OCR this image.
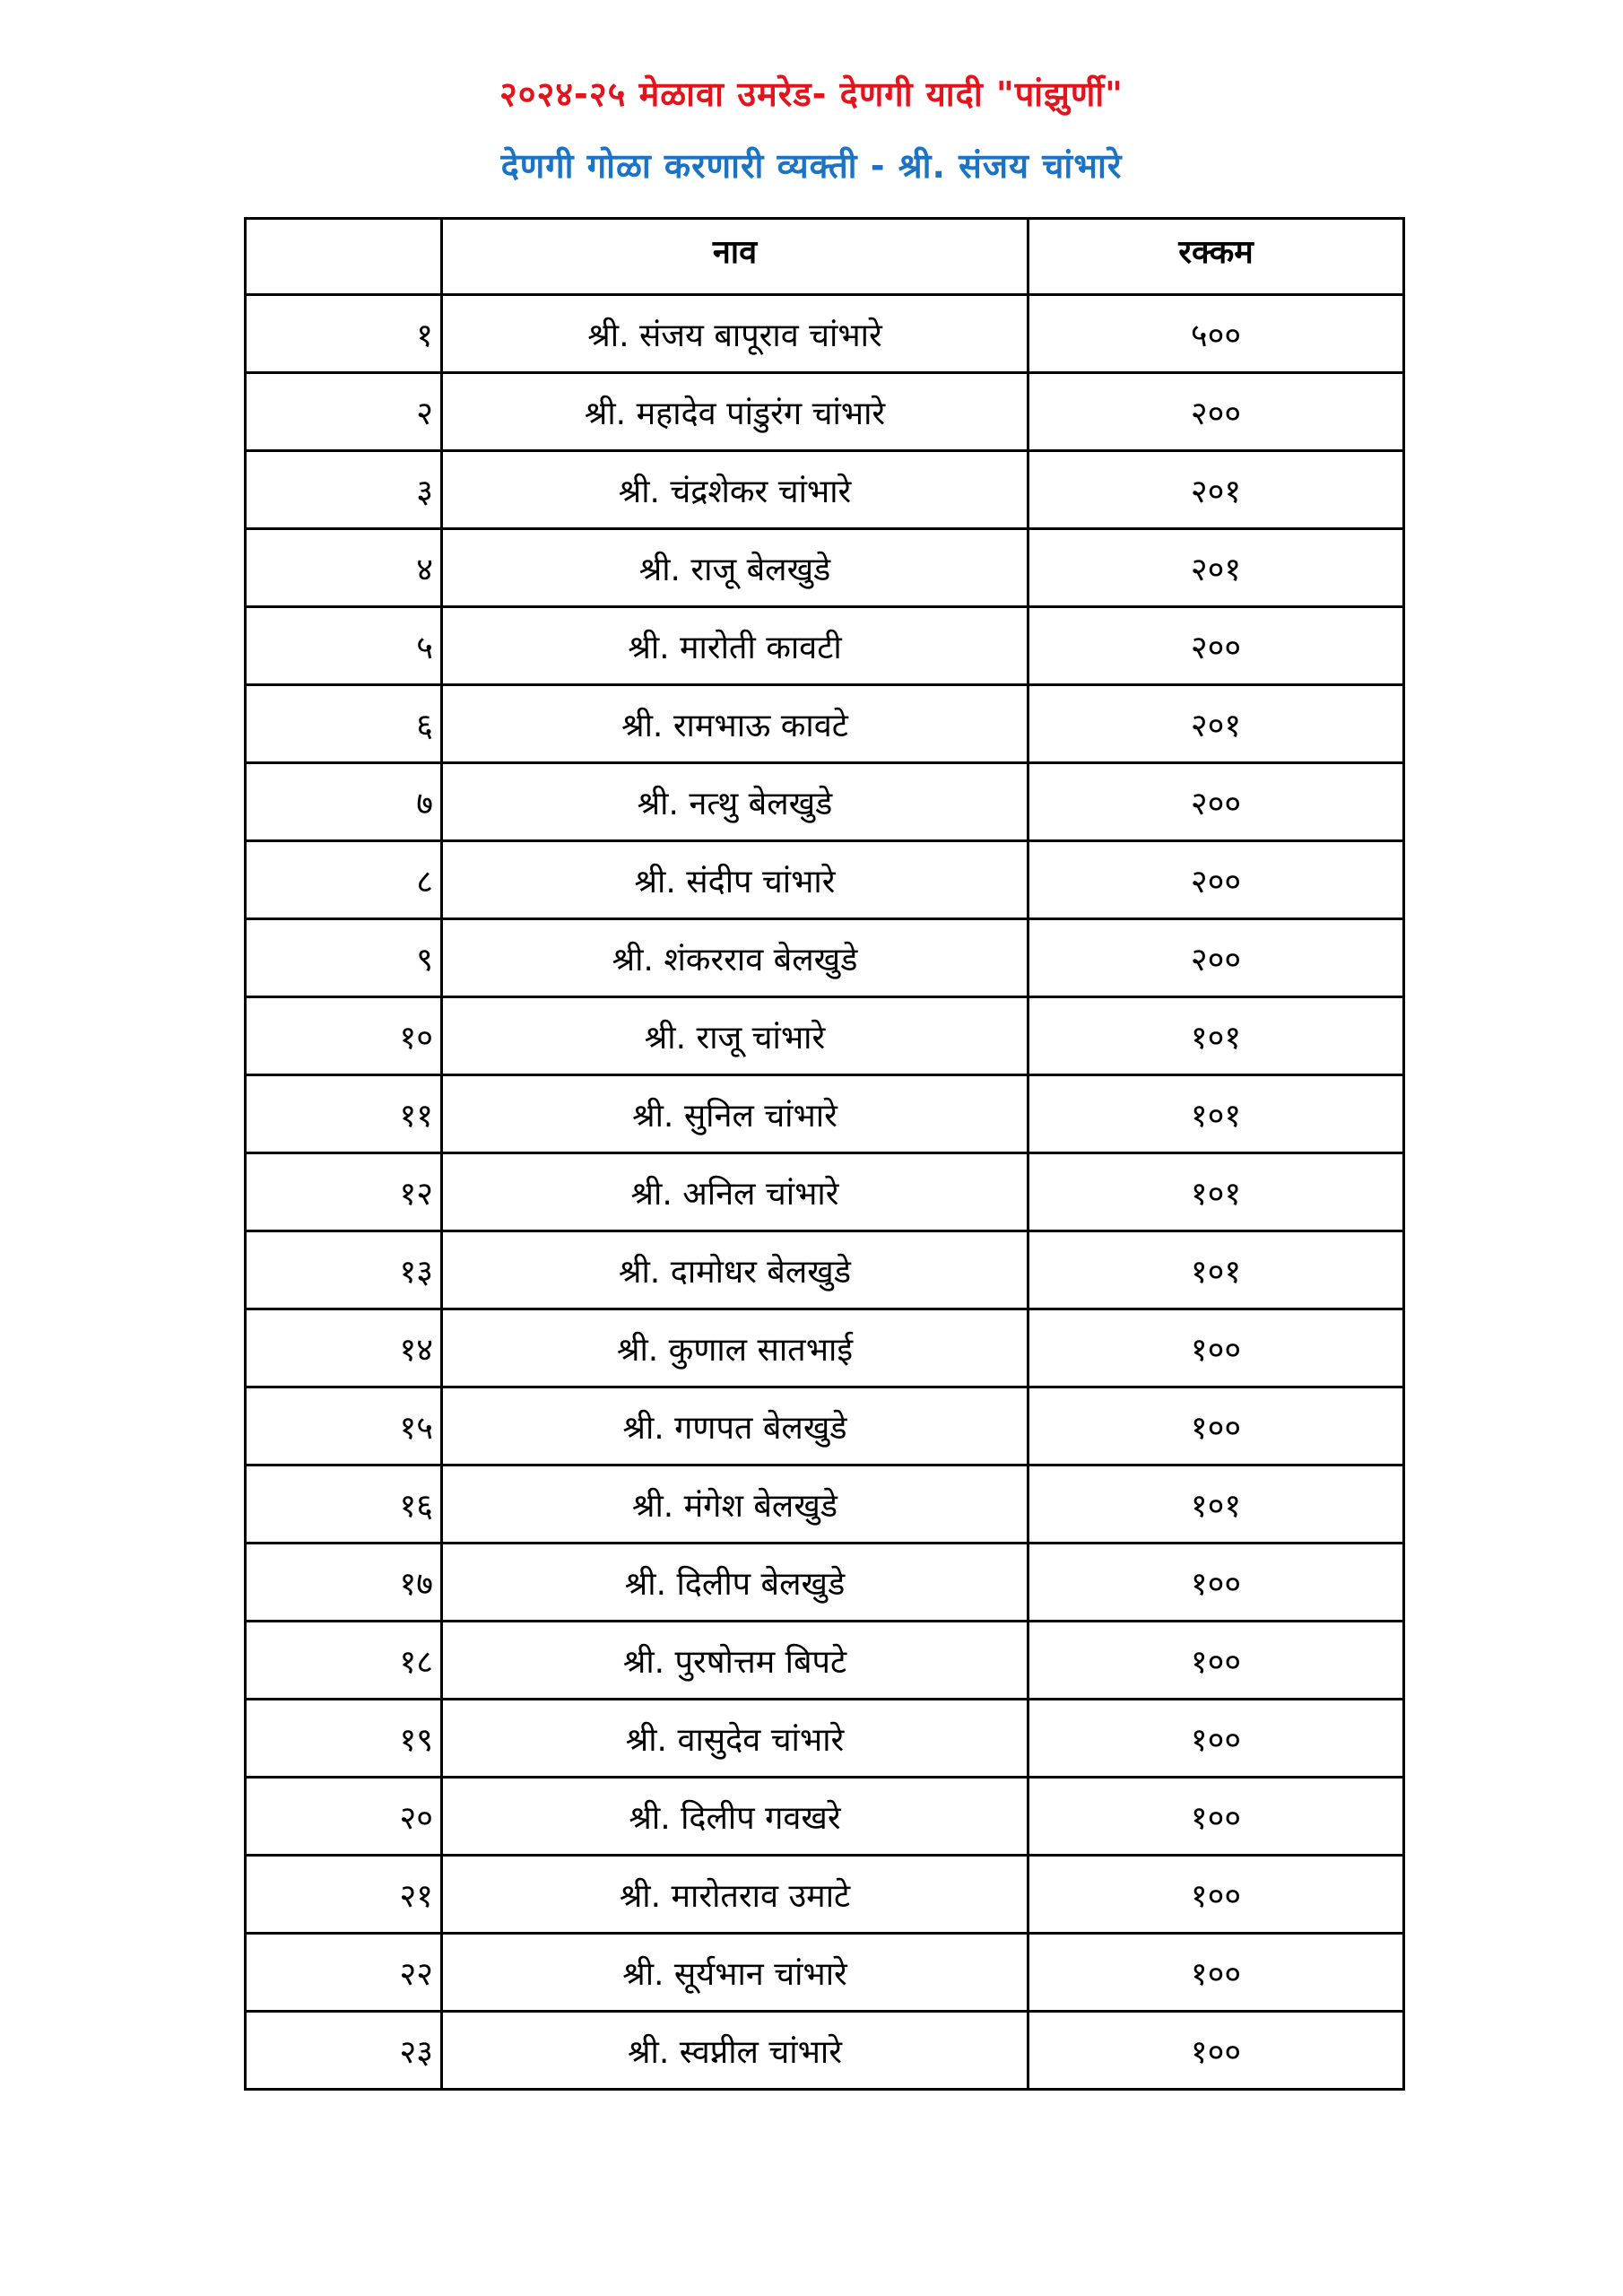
२०२४-२५ मेळावा उमरेड- देणगी यादी "पांझुर्णी"
देणगी गोळा करणारी व्यक्ती - श्री. संजय चांभारे
	नाव	रक्कम
१	श्री. संजय बापूराव चांभारे	५००
२	श्री. महादेव पांडुरंग चांभारे	२००
३	श्री. चंद्रशेकर चांभारे	२०१
४	श्री. राजू बेलखुडे	२०१
५	श्री. मारोती कावटी	२००
६	श्री. रामभाऊ कावटे	२०१
७	श्री. नत्थु बेलखुडे	२००
८	श्री. संदीप चांभारे	२००
९	श्री. शंकरराव बेलखुडे	२००
१०	श्री. राजू चांभारे	१०१
११	श्री. सुनिल चांभारे	१०१
१२	श्री. अनिल चांभारे	१०१
१३	श्री. दामोधर बेलखुडे	१०१
१४	श्री. कुणाल सातभाई	१००
१५	श्री. गणपत बेलखुडे	१००
१६	श्री. मंगेश बेलखुडे	१०१
१७	श्री. दिलीप बेलखुडे	१००
१८	श्री. पुरषोत्तम बिपटे	१००
१९	श्री. वासुदेव चांभारे	१००
२०	श्री. दिलीप गवखरे	१००
२१	श्री. मारोतराव उमाटे	१००
२२	श्री. सूर्यभान चांभारे	१००
२३	श्री. स्वप्नील चांभारे	१००
